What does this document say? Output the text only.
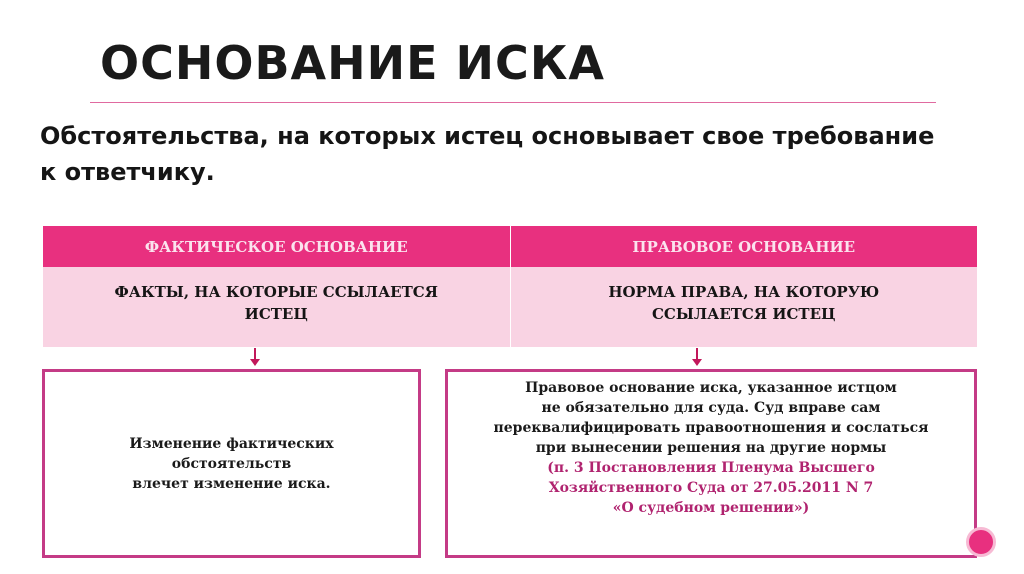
ОСНОВАНИЕ ИСКА
Обстоятельства, на которых истец основывает свое требование к ответчику.
ФАКТИЧЕСКОЕ ОСНОВАНИЕ	ПРАВОВОЕ ОСНОВАНИЕ
ФАКТЫ, НА КОТОРЫЕ ССЫЛАЕТСЯ ИСТЕЦ
НОРМА ПРАВА, НА КОТОРУЮ ССЫЛАЕТСЯ ИСТЕЦ
Изменение фактических
обстоятельств
влечет изменение иска.
Правовое основание иска, указанное истцом
не обязательно для суда. Суд вправе сам
переквалифицировать правоотношения и сослаться
при вынесении решения на другие нормы
(п. 3 Постановления Пленума Высшего
Хозяйственного Суда от 27.05.2011 N 7
«О судебном решении»)
